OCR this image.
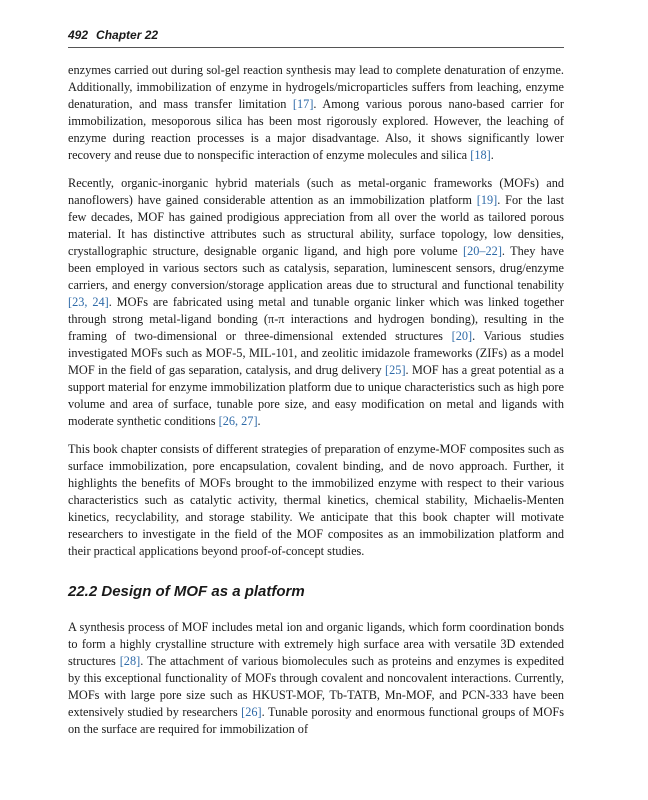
492 Chapter 22

enzymes carried out during sol-gel reaction synthesis may lead to complete denaturation of enzyme. Additionally, immobilization of enzyme in hydrogels/microparticles suffers from leaching, enzyme denaturation, and mass transfer limitation [17]. Among various porous nano-based carrier for immobilization, mesoporous silica has been most rigorously explored. However, the leaching of enzyme during reaction processes is a major disadvantage. Also, it shows significantly lower recovery and reuse due to nonspecific interaction of enzyme molecules and silica [18].

Recently, organic-inorganic hybrid materials (such as metal-organic frameworks (MOFs) and nanoflowers) have gained considerable attention as an immobilization platform [19]. For the last few decades, MOF has gained prodigious appreciation from all over the world as tailored porous material. It has distinctive attributes such as structural ability, surface topology, low densities, crystallographic structure, designable organic ligand, and high pore volume [20–22]. They have been employed in various sectors such as catalysis, separation, luminescent sensors, drug/enzyme carriers, and energy conversion/storage application areas due to structural and functional tenability [23, 24]. MOFs are fabricated using metal and tunable organic linker which was linked together through strong metal-ligand bonding (π-π interactions and hydrogen bonding), resulting in the framing of two-dimensional or three-dimensional extended structures [20]. Various studies investigated MOFs such as MOF-5, MIL-101, and zeolitic imidazole frameworks (ZIFs) as a model MOF in the field of gas separation, catalysis, and drug delivery [25]. MOF has a great potential as a support material for enzyme immobilization platform due to unique characteristics such as high pore volume and area of surface, tunable pore size, and easy modification on metal and ligands with moderate synthetic conditions [26, 27].

This book chapter consists of different strategies of preparation of enzyme-MOF composites such as surface immobilization, pore encapsulation, covalent binding, and de novo approach. Further, it highlights the benefits of MOFs brought to the immobilized enzyme with respect to their various characteristics such as catalytic activity, thermal kinetics, chemical stability, Michaelis-Menten kinetics, recyclability, and storage stability. We anticipate that this book chapter will motivate researchers to investigate in the field of the MOF composites as an immobilization platform and their practical applications beyond proof-of-concept studies.

22.2 Design of MOF as a platform

A synthesis process of MOF includes metal ion and organic ligands, which form coordination bonds to form a highly crystalline structure with extremely high surface area with versatile 3D extended structures [28]. The attachment of various biomolecules such as proteins and enzymes is expedited by this exceptional functionality of MOFs through covalent and noncovalent interactions. Currently, MOFs with large pore size such as HKUST-MOF, Tb-TATB, Mn-MOF, and PCN-333 have been extensively studied by researchers [26]. Tunable porosity and enormous functional groups of MOFs on the surface are required for immobilization of
